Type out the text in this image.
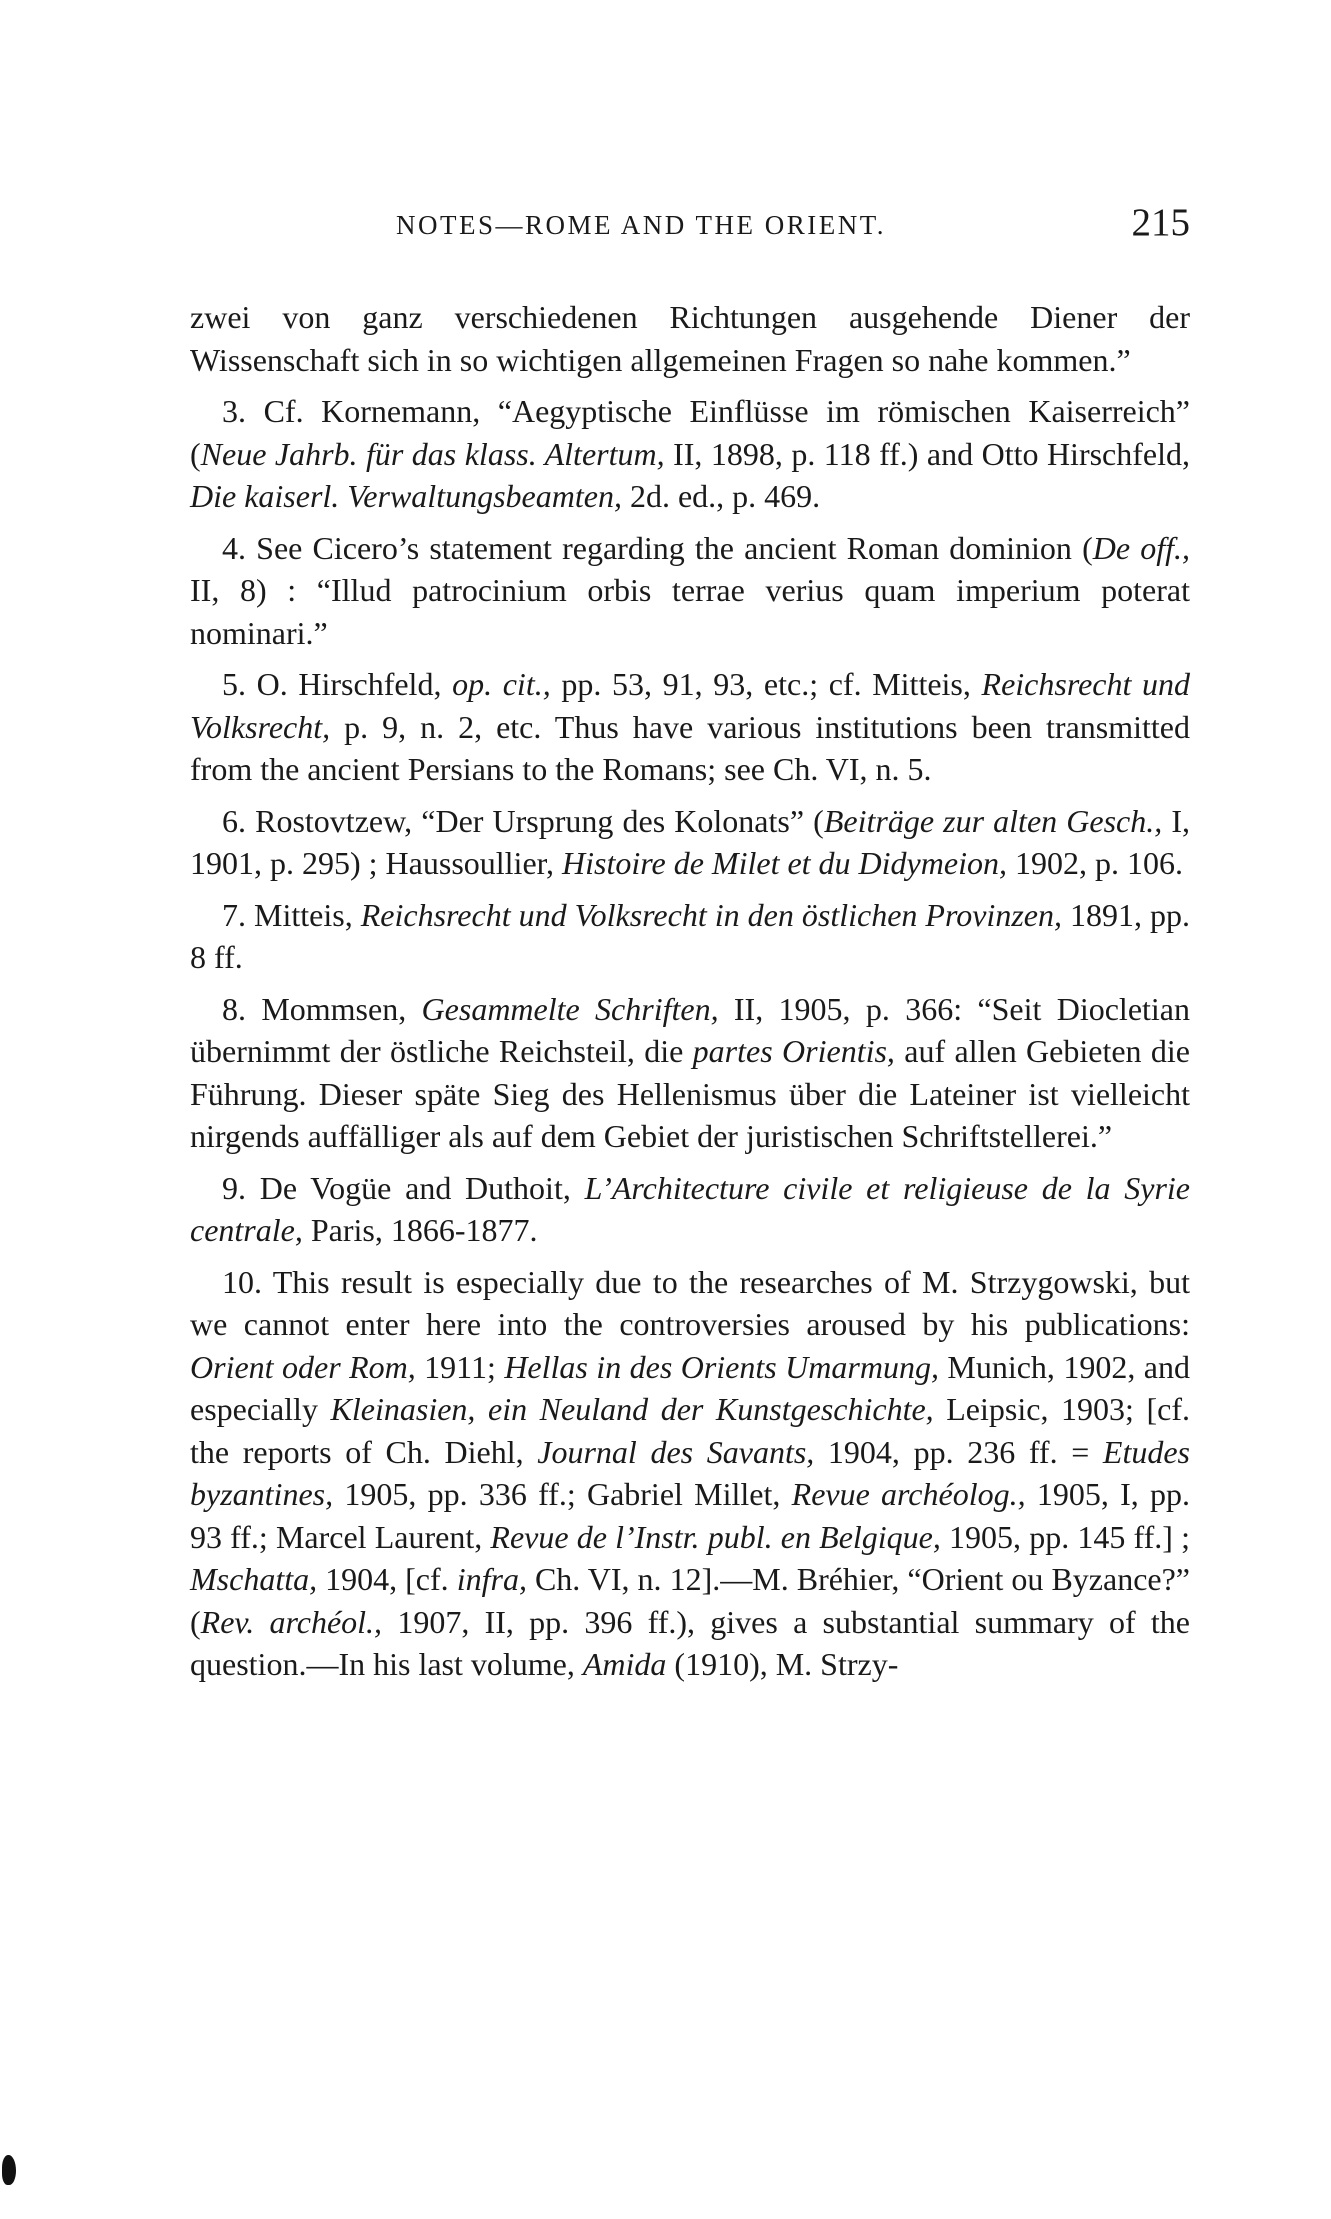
NOTES—ROME AND THE ORIENT.	215

zwei von ganz verschiedenen Richtungen ausgehende Diener der Wissenschaft sich in so wichtigen allgemeinen Fragen so nahe kommen.”

3. Cf. Kornemann, “Aegyptische Einflüsse im römischen Kaiserreich” (Neue Jahrb. für das klass. Altertum, II, 1898, p. 118 ff.) and Otto Hirschfeld, Die kaiserl. Verwaltungsbeamten, 2d. ed., p. 469.

4. See Cicero’s statement regarding the ancient Roman dominion (De off., II, 8) : “Illud patrocinium orbis terrae verius quam imperium poterat nominari.”

5. O. Hirschfeld, op. cit., pp. 53, 91, 93, etc.; cf. Mitteis, Reichsrecht und Volksrecht, p. 9, n. 2, etc. Thus have various institutions been transmitted from the ancient Persians to the Romans; see Ch. VI, n. 5.

6. Rostovtzew, “Der Ursprung des Kolonats” (Beiträge zur alten Gesch., I, 1901, p. 295) ; Haussoullier, Histoire de Milet et du Didymeion, 1902, p. 106.

7. Mitteis, Reichsrecht und Volksrecht in den östlichen Provinzen, 1891, pp. 8 ff.

8. Mommsen, Gesammelte Schriften, II, 1905, p. 366: “Seit Diocletian übernimmt der östliche Reichsteil, die partes Orientis, auf allen Gebieten die Führung. Dieser späte Sieg des Hellenismus über die Lateiner ist vielleicht nirgends auffälliger als auf dem Gebiet der juristischen Schriftstellerei.”

9. De Vogüe and Duthoit, L’Architecture civile et religieuse de la Syrie centrale, Paris, 1866-1877.

10. This result is especially due to the researches of M. Strzygowski, but we cannot enter here into the controversies aroused by his publications: Orient oder Rom, 1911; Hellas in des Orients Umarmung, Munich, 1902, and especially Kleinasien, ein Neuland der Kunstgeschichte, Leipsic, 1903; [cf. the reports of Ch. Diehl, Journal des Savants, 1904, pp. 236 ff. = Etudes byzantines, 1905, pp. 336 ff.; Gabriel Millet, Revue archéolog., 1905, I, pp. 93 ff.; Marcel Laurent, Revue de l’Instr. publ. en Belgique, 1905, pp. 145 ff.] ; Mschatta, 1904, [cf. infra, Ch. VI, n. 12].—M. Bréhier, “Orient ou Byzance?” (Rev. archéol., 1907, II, pp. 396 ff.), gives a substantial summary of the question.—In his last volume, Amida (1910), M. Strzy-
